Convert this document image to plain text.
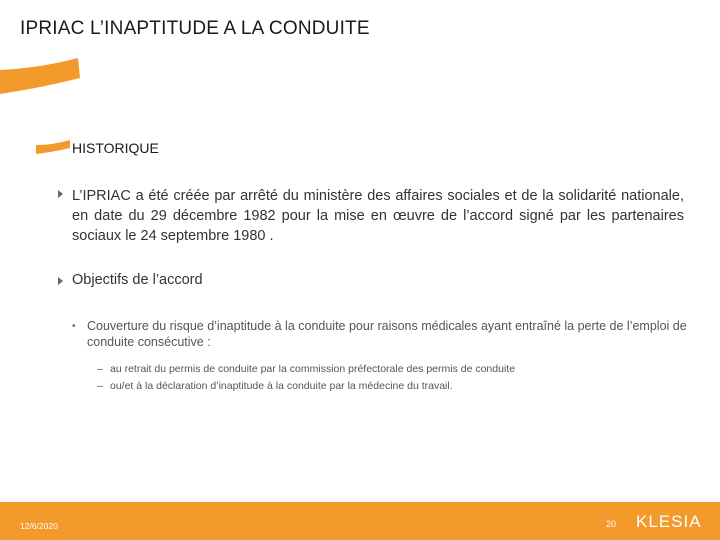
IPRIAC L’INAPTITUDE A LA CONDUITE
HISTORIQUE
L’IPRIAC a été créée par arrêté du ministère des affaires sociales et de la solidarité nationale, en date du 29 décembre 1982 pour la mise en œuvre de l’accord signé par les partenaires sociaux le 24 septembre 1980 .
Objectifs de l’accord
• Couverture du risque d’inaptitude à la conduite pour raisons médicales ayant entraîné la perte de l’emploi de conduite consécutive :
– au retrait du permis de conduite par la commission préfectorale des permis de conduite
– ou/et à la déclaration d’inaptitude à la conduite par la médecine du travail.
12/6/2020	20 KLESIA
